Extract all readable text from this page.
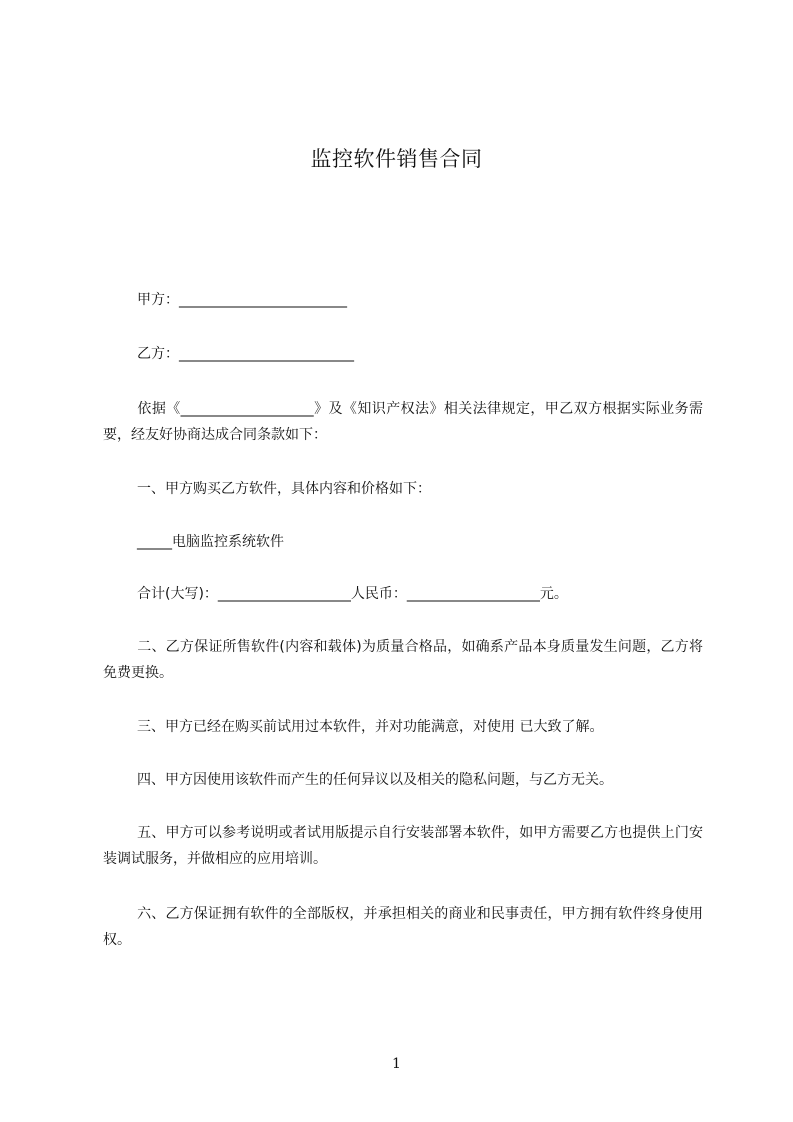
监控软件销售合同
甲方：________________________
乙方：_________________________
依据《___________________》及《知识产权法》相关法律规定，甲乙双方根据实际业务需要，经友好协商达成合同条款如下：
一、甲方购买乙方软件，具体内容和价格如下：
_____电脑监控系统软件
合计(大写)：___________________人民币：___________________元。
二、乙方保证所售软件(内容和载体)为质量合格品，如确系产品本身质量发生问题，乙方将免费更换。
三、甲方已经在购买前试用过本软件，并对功能满意，对使用 已大致了解。
四、甲方因使用该软件而产生的任何异议以及相关的隐私问题，与乙方无关。
五、甲方可以参考说明或者试用版提示自行安装部署本软件，如甲方需要乙方也提供上门安装调试服务，并做相应的应用培训。
六、乙方保证拥有软件的全部版权，并承担相关的商业和民事责任，甲方拥有软件终身使用权。
1
